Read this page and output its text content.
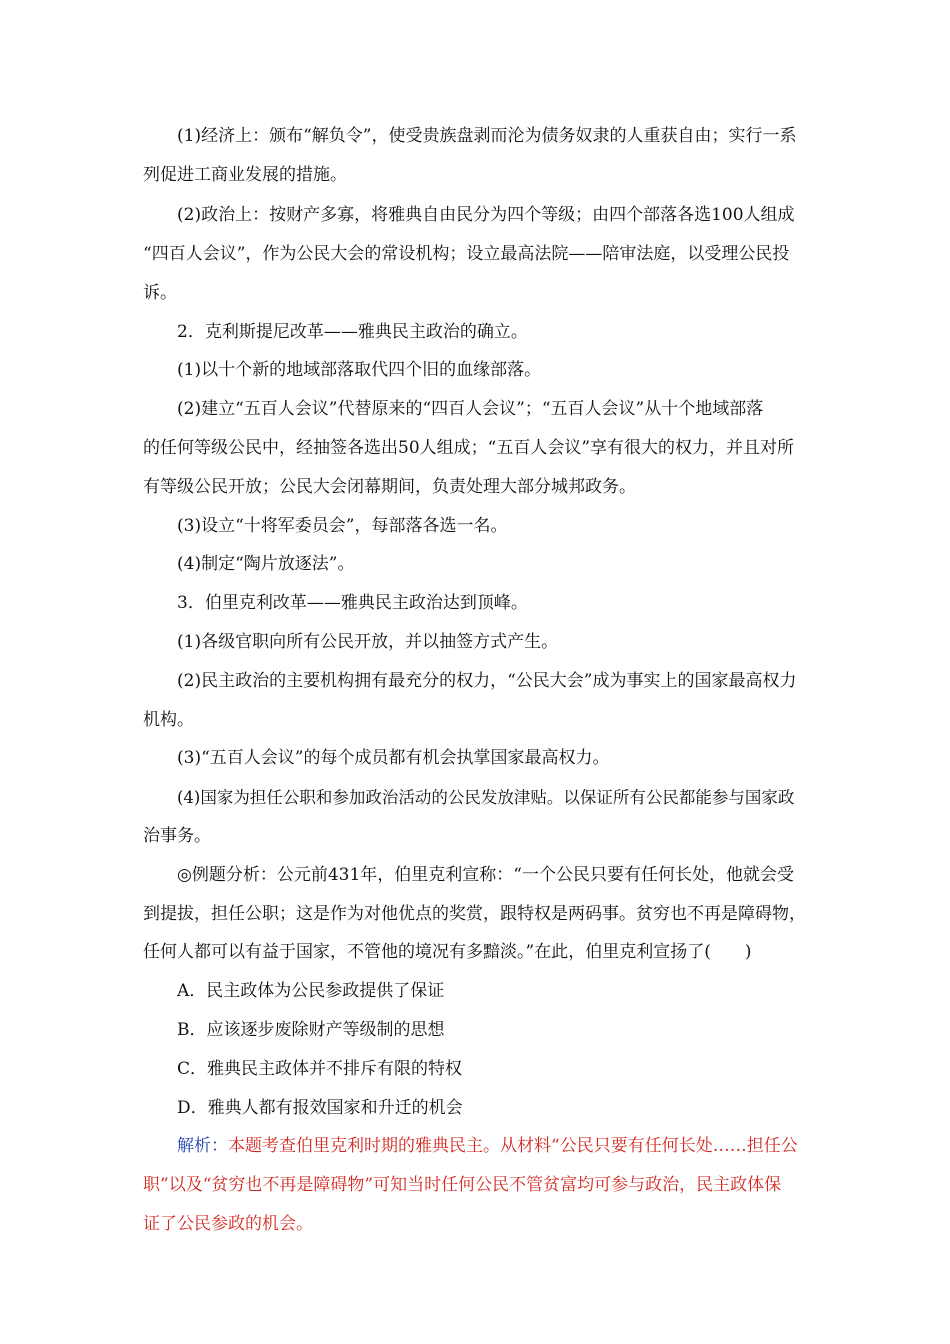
(1)经济上：颁布“解负令”，使受贵族盘剥而沦为债务奴隶的人重获自由；实行一系

列促进工商业发展的措施。

(2)政治上：按财产多寡，将雅典自由民分为四个等级；由四个部落各选100人组成

“四百人会议”，作为公民大会的常设机构；设立最高法院——陪审法庭，以受理公民投

诉。

2．克利斯提尼改革——雅典民主政治的确立。

(1)以十个新的地域部落取代四个旧的血缘部落。

(2)建立“五百人会议”代替原来的“四百人会议”；“五百人会议”从十个地域部落

的任何等级公民中，经抽签各选出50人组成；“五百人会议”享有很大的权力，并且对所

有等级公民开放；公民大会闭幕期间，负责处理大部分城邦政务。

(3)设立“十将军委员会”，每部落各选一名。

(4)制定“陶片放逐法”。

3．伯里克利改革——雅典民主政治达到顶峰。

(1)各级官职向所有公民开放，并以抽签方式产生。

(2)民主政治的主要机构拥有最充分的权力，“公民大会”成为事实上的国家最高权力

机构。

(3)“五百人会议”的每个成员都有机会执掌国家最高权力。

(4)国家为担任公职和参加政治活动的公民发放津贴。以保证所有公民都能参与国家政

治事务。

◎例题分析：公元前431年，伯里克利宣称：“一个公民只要有任何长处，他就会受

到提拔，担任公职；这是作为对他优点的奖赏，跟特权是两码事。贫穷也不再是障碍物，

任何人都可以有益于国家，不管他的境况有多黯淡。”在此，伯里克利宣扬了(　　)

A．民主政体为公民参政提供了保证

B．应该逐步废除财产等级制的思想

C．雅典民主政体并不排斥有限的特权

D．雅典人都有报效国家和升迁的机会

解析：本题考查伯里克利时期的雅典民主。从材料“公民只要有任何长处……担任公

职”以及“贫穷也不再是障碍物”可知当时任何公民不管贫富均可参与政治，民主政体保

证了公民参政的机会。
